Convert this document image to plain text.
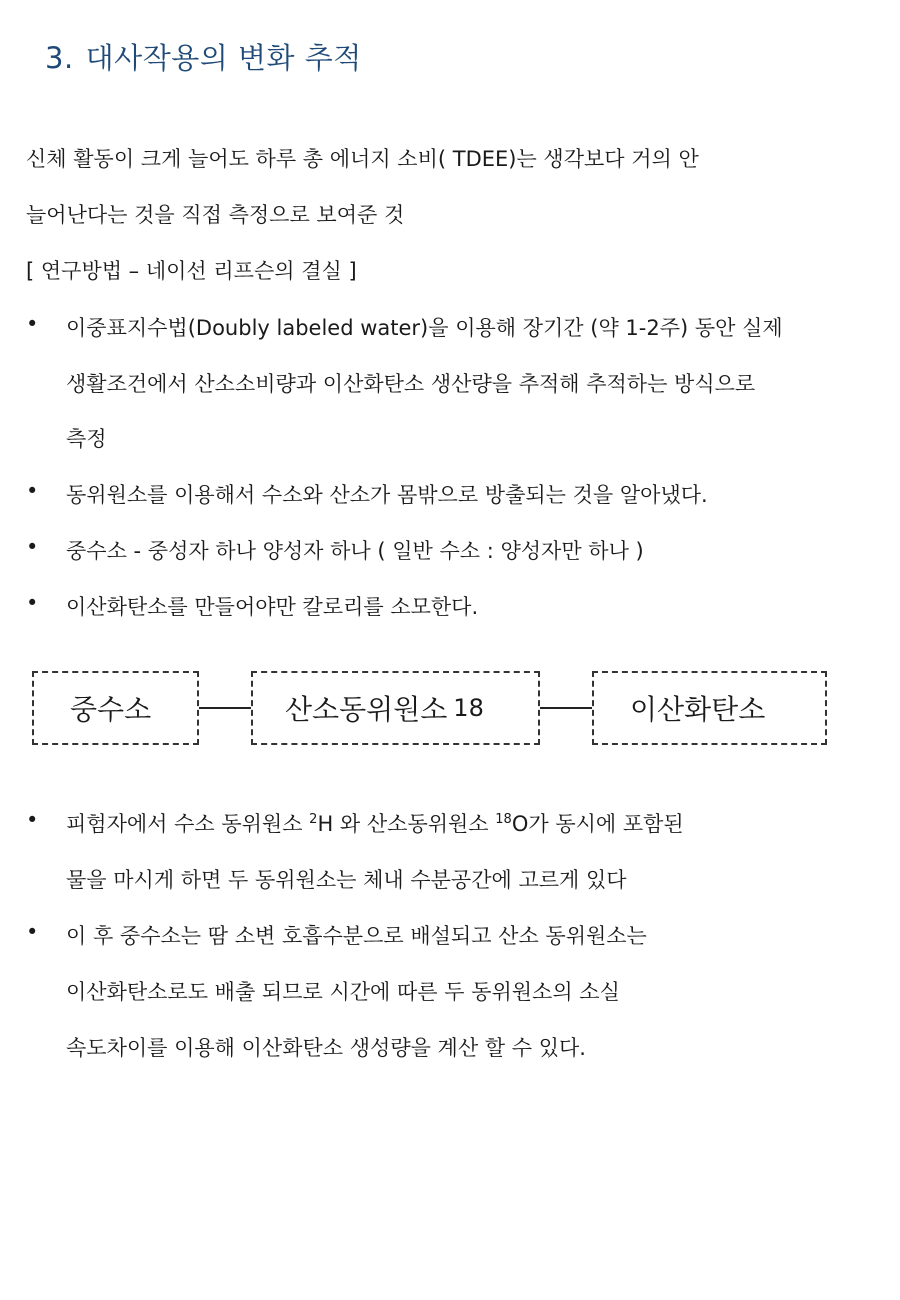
3. 대사작용의 변화 추적
신체 활동이 크게 늘어도 하루 총 에너지 소비( TDEE)는 생각보다 거의 안
늘어난다는 것을 직접 측정으로 보여준 것
[ 연구방법 – 네이선 리프슨의 결실 ]
• 이중표지수법(Doubly labeled water)을 이용해 장기간 (약 1-2주) 동안 실제
생활조건에서 산소소비량과 이산화탄소 생산량을 추적해 추적하는 방식으로
측정
• 동위원소를 이용해서 수소와 산소가 몸밖으로 방출되는 것을 알아냈다.
• 중수소 - 중성자 하나 양성자 하나 ( 일반 수소 : 양성자만 하나 )
• 이산화탄소를 만들어야만 칼로리를 소모한다.
중수소	산소동위원소 18	이산화탄소
• 피험자에서 수소 동위원소 $^2$H 와 산소동위원소 $^{18}$O가 동시에 포함된
물을 마시게 하면 두 동위원소는 체내 수분공간에 고르게 있다
• 이 후 중수소는 땀 소변 호흡수분으로 배설되고 산소 동위원소는
이산화탄소로도 배출 되므로 시간에 따른 두 동위원소의 소실
속도차이를 이용해 이산화탄소 생성량을 계산 할 수 있다.
